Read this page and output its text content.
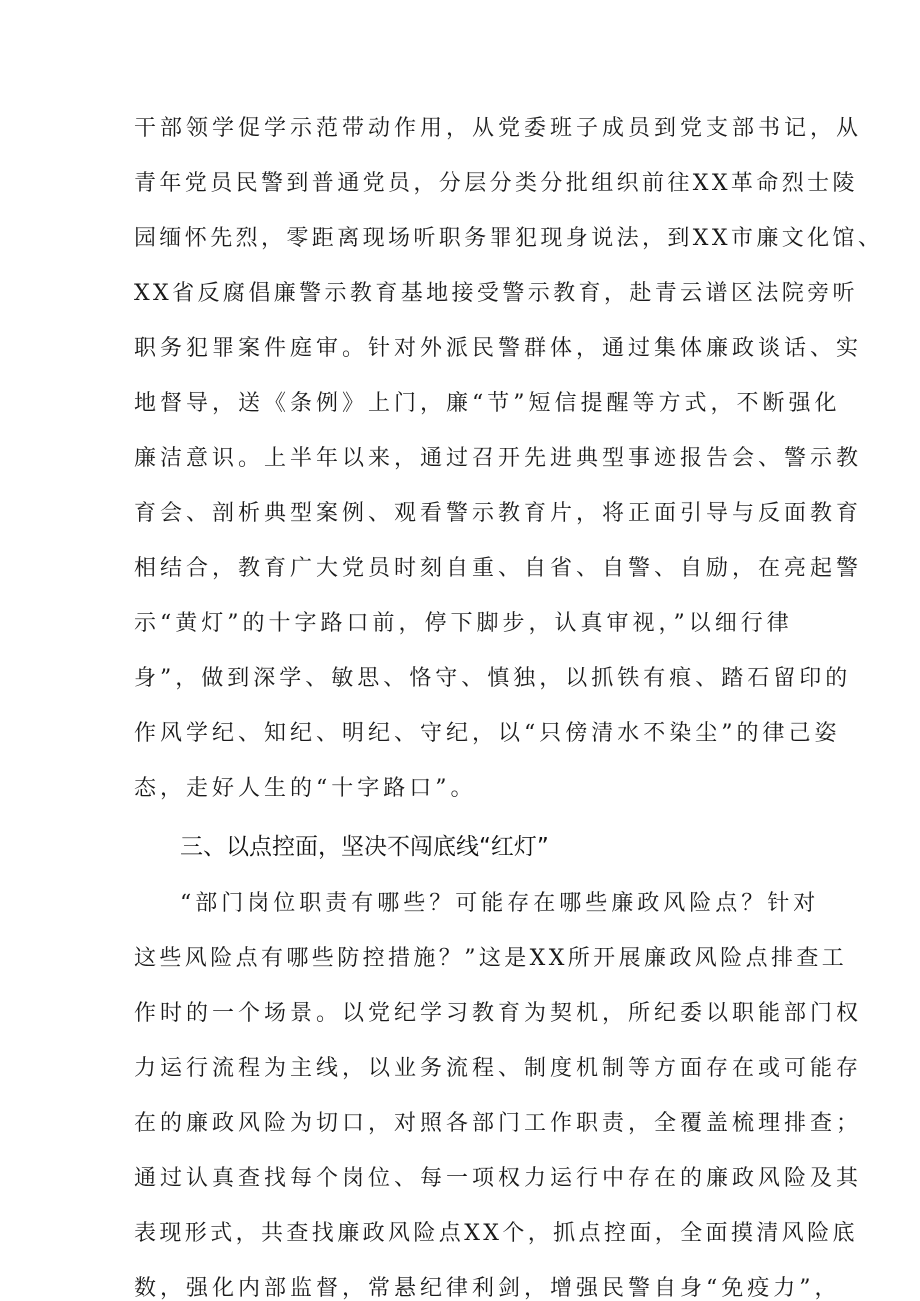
干部领学促学示范带动作用，从党委班子成员到党支部书记，从
青年党员民警到普通党员，分层分类分批组织前往XX革命烈士陵
园缅怀先烈，零距离现场听职务罪犯现身说法，到XX市廉文化馆、
XX省反腐倡廉警示教育基地接受警示教育，赴青云谱区法院旁听
职务犯罪案件庭审。针对外派民警群体，通过集体廉政谈话、实
地督导，送《条例》上门，廉“节”短信提醒等方式，不断强化
廉洁意识。上半年以来，通过召开先进典型事迹报告会、警示教
育会、剖析典型案例、观看警示教育片，将正面引导与反面教育
相结合，教育广大党员时刻自重、自省、自警、自励，在亮起警
示“黄灯”的十字路口前，停下脚步，认真审视，”以细行律
身”，做到深学、敏思、恪守、慎独，以抓铁有痕、踏石留印的
作风学纪、知纪、明纪、守纪，以“只傍清水不染尘”的律己姿
态，走好人生的“十字路口”。
三、以点控面，坚决不闯底线“红灯”
“部门岗位职责有哪些？可能存在哪些廉政风险点？针对
这些风险点有哪些防控措施？”这是XX所开展廉政风险点排查工
作时的一个场景。以党纪学习教育为契机，所纪委以职能部门权
力运行流程为主线，以业务流程、制度机制等方面存在或可能存
在的廉政风险为切口，对照各部门工作职责，全覆盖梳理排查；
通过认真查找每个岗位、每一项权力运行中存在的廉政风险及其
表现形式，共查找廉政风险点XX个，抓点控面，全面摸清风险底
数，强化内部监督，常悬纪律利剑，增强民警自身“免疫力”，
